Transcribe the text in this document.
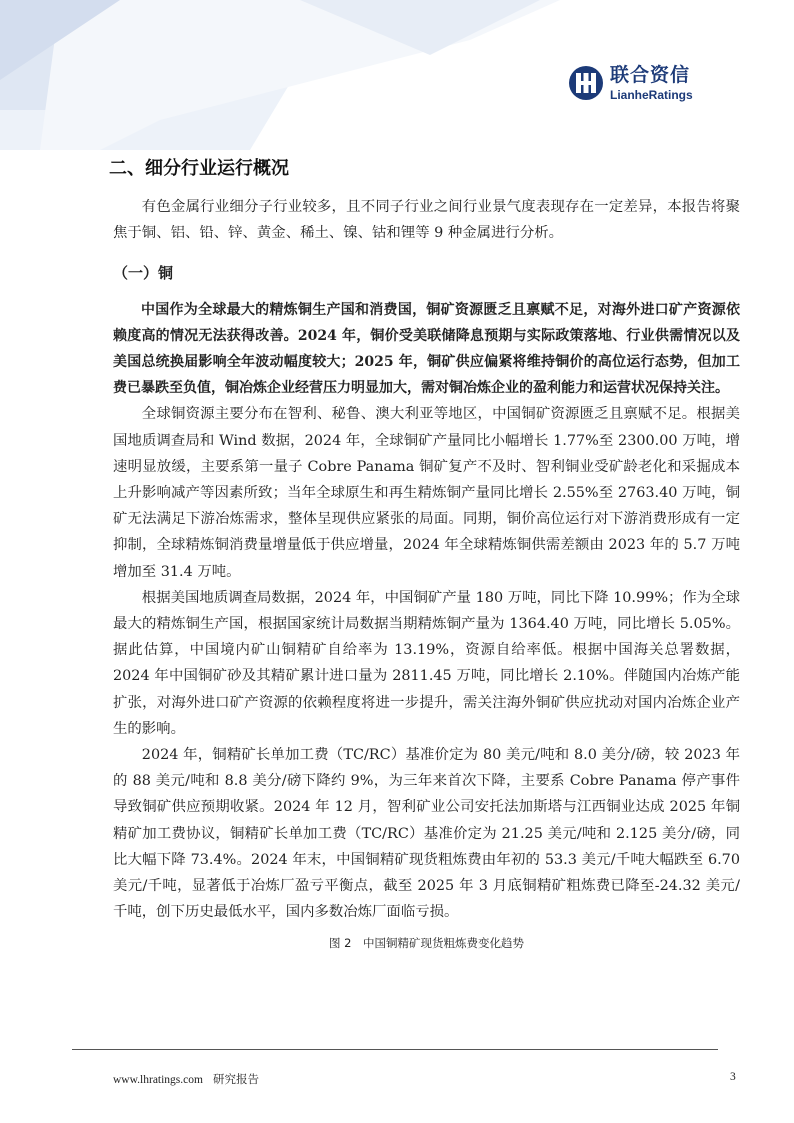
联合资信
LianheRatings
二、细分行业运行概况

有色金属行业细分子行业较多，且不同子行业之间行业景气度表现存在一定差异，本报告将聚焦于铜、铝、铅、锌、黄金、稀土、镍、钴和锂等 9 种金属进行分析。

（一）铜

中国作为全球最大的精炼铜生产国和消费国，铜矿资源匮乏且禀赋不足，对海外进口矿产资源依赖度高的情况无法获得改善。2024 年，铜价受美联储降息预期与实际政策落地、行业供需情况以及美国总统换届影响全年波动幅度较大；2025 年，铜矿供应偏紧将维持铜价的高位运行态势，但加工费已暴跌至负值，铜冶炼企业经营压力明显加大，需对铜冶炼企业的盈利能力和运营状况保持关注。

全球铜资源主要分布在智利、秘鲁、澳大利亚等地区，中国铜矿资源匮乏且禀赋不足。根据美国地质调查局和 Wind 数据，2024 年，全球铜矿产量同比小幅增长 1.77%至 2300.00 万吨，增速明显放缓，主要系第一量子 Cobre Panama 铜矿复产不及时、智利铜业受矿龄老化和采掘成本上升影响减产等因素所致；当年全球原生和再生精炼铜产量同比增长 2.55%至 2763.40 万吨，铜矿无法满足下游冶炼需求，整体呈现供应紧张的局面。同期，铜价高位运行对下游消费形成有一定抑制，全球精炼铜消费量增量低于供应增量，2024 年全球精炼铜供需差额由 2023 年的 5.7 万吨增加至 31.4 万吨。

根据美国地质调查局数据，2024 年，中国铜矿产量 180 万吨，同比下降 10.99%；作为全球最大的精炼铜生产国，根据国家统计局数据当期精炼铜产量为 1364.40 万吨，同比增长 5.05%。据此估算，中国境内矿山铜精矿自给率为 13.19%，资源自给率低。根据中国海关总署数据，2024 年中国铜矿砂及其精矿累计进口量为 2811.45 万吨，同比增长 2.10%。伴随国内冶炼产能扩张，对海外进口矿产资源的依赖程度将进一步提升，需关注海外铜矿供应扰动对国内冶炼企业产生的影响。

2024 年，铜精矿长单加工费（TC/RC）基准价定为 80 美元/吨和 8.0 美分/磅，较 2023 年的 88 美元/吨和 8.8 美分/磅下降约 9%，为三年来首次下降，主要系 Cobre Panama 停产事件导致铜矿供应预期收紧。2024 年 12 月，智利矿业公司安托法加斯塔与江西铜业达成 2025 年铜精矿加工费协议，铜精矿长单加工费（TC/RC）基准价定为 21.25 美元/吨和 2.125 美分/磅，同比大幅下降 73.4%。2024 年末，中国铜精矿现货粗炼费由年初的 53.3 美元/千吨大幅跌至 6.70 美元/千吨，显著低于冶炼厂盈亏平衡点，截至 2025 年 3 月底铜精矿粗炼费已降至-24.32 美元/千吨，创下历史最低水平，国内多数冶炼厂面临亏损。

图 2　中国铜精矿现货粗炼费变化趋势
www.lhratings.com 研究报告	3
